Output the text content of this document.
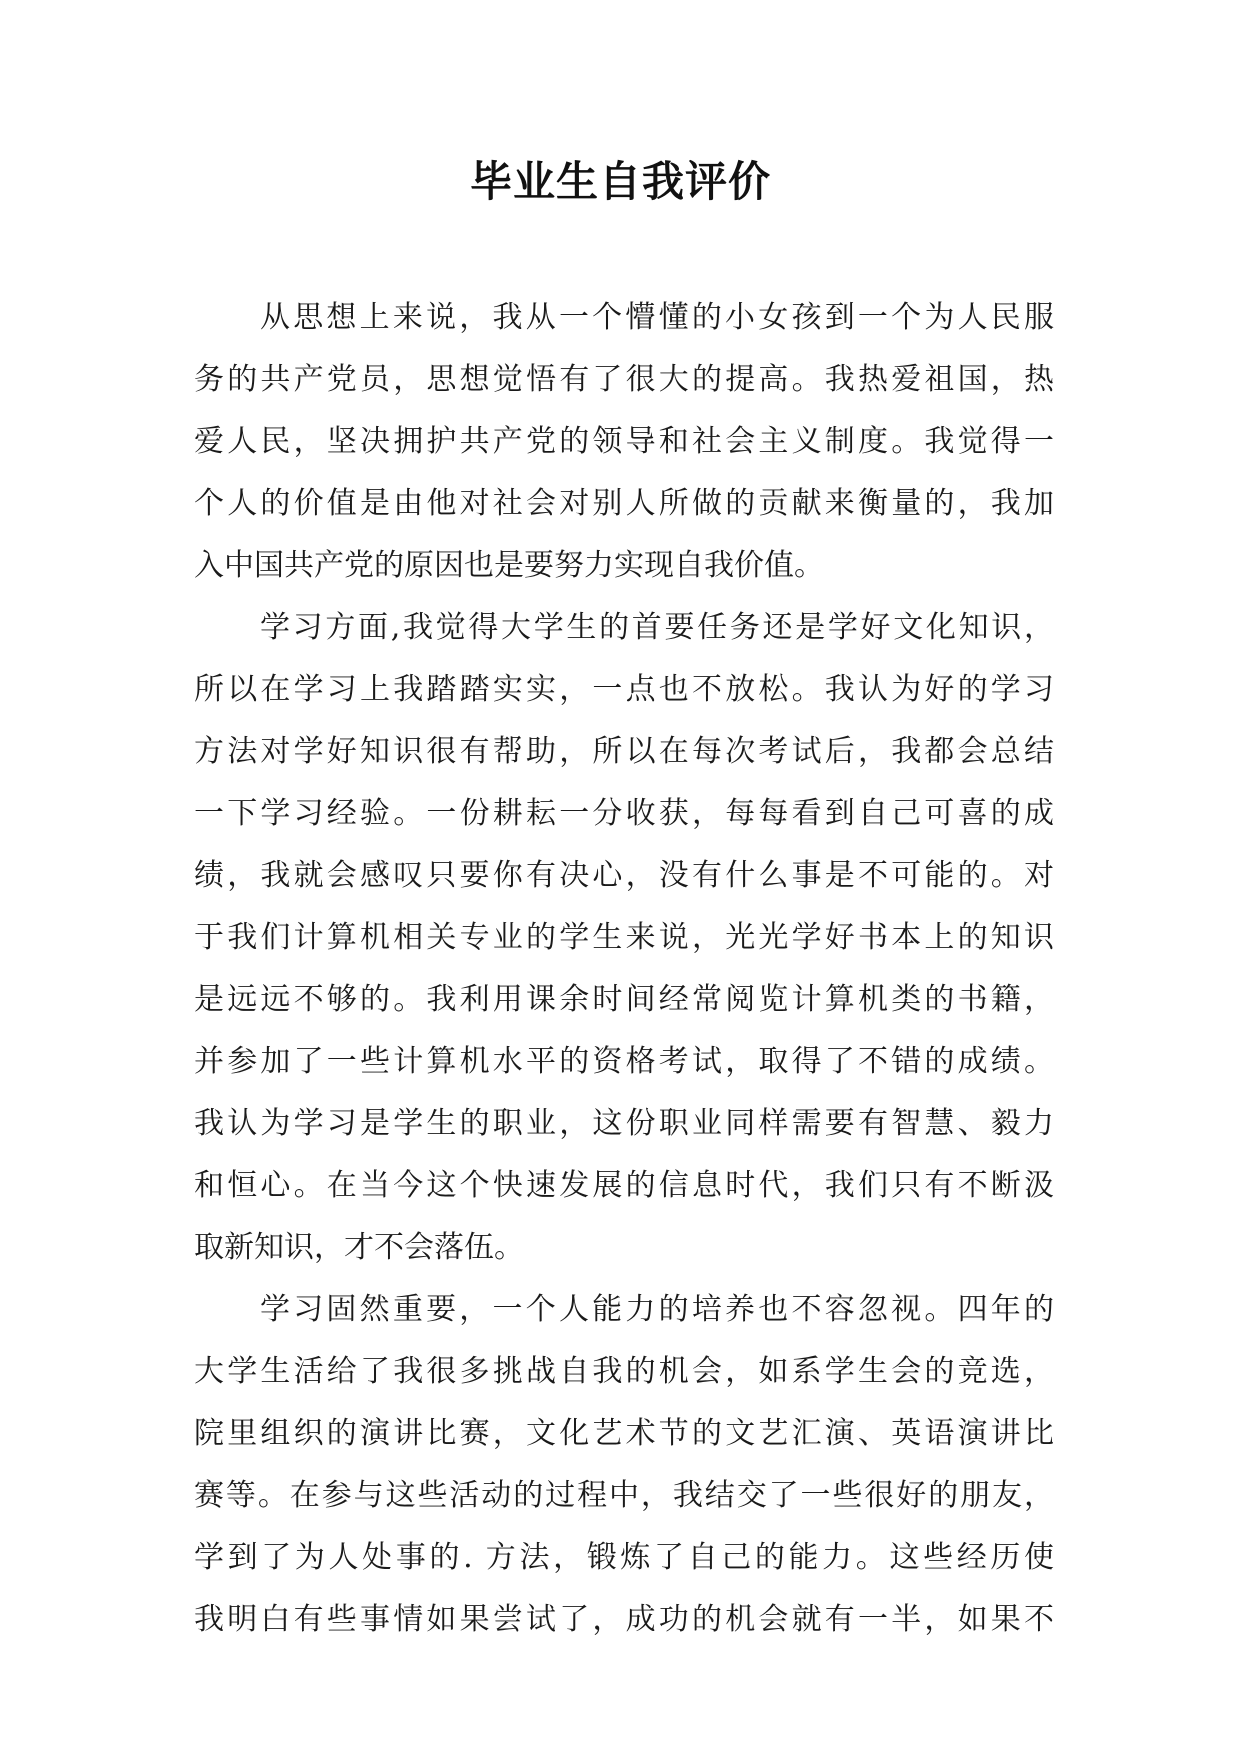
毕业生自我评价
从思想上来说，我从一个懵懂的小女孩到一个为人民服
务的共产党员，思想觉悟有了很大的提高。我热爱祖国，热
爱人民，坚决拥护共产党的领导和社会主义制度。我觉得一
个人的价值是由他对社会对别人所做的贡献来衡量的，我加
入中国共产党的原因也是要努力实现自我价值。
学习方面,我觉得大学生的首要任务还是学好文化知识，
所以在学习上我踏踏实实，一点也不放松。我认为好的学习
方法对学好知识很有帮助，所以在每次考试后，我都会总结
一下学习经验。一份耕耘一分收获，每每看到自己可喜的成
绩，我就会感叹只要你有决心，没有什么事是不可能的。对
于我们计算机相关专业的学生来说，光光学好书本上的知识
是远远不够的。我利用课余时间经常阅览计算机类的书籍，
并参加了一些计算机水平的资格考试，取得了不错的成绩。
我认为学习是学生的职业，这份职业同样需要有智慧、毅力
和恒心。在当今这个快速发展的信息时代，我们只有不断汲
取新知识，才不会落伍。
学习固然重要，一个人能力的培养也不容忽视。四年的
大学生活给了我很多挑战自我的机会，如系学生会的竞选，
院里组织的演讲比赛，文化艺术节的文艺汇演、英语演讲比
赛等。在参与这些活动的过程中，我结交了一些很好的朋友，
学到了为人处事的. 方法，锻炼了自己的能力。这些经历使
我明白有些事情如果尝试了，成功的机会就有一半，如果不
